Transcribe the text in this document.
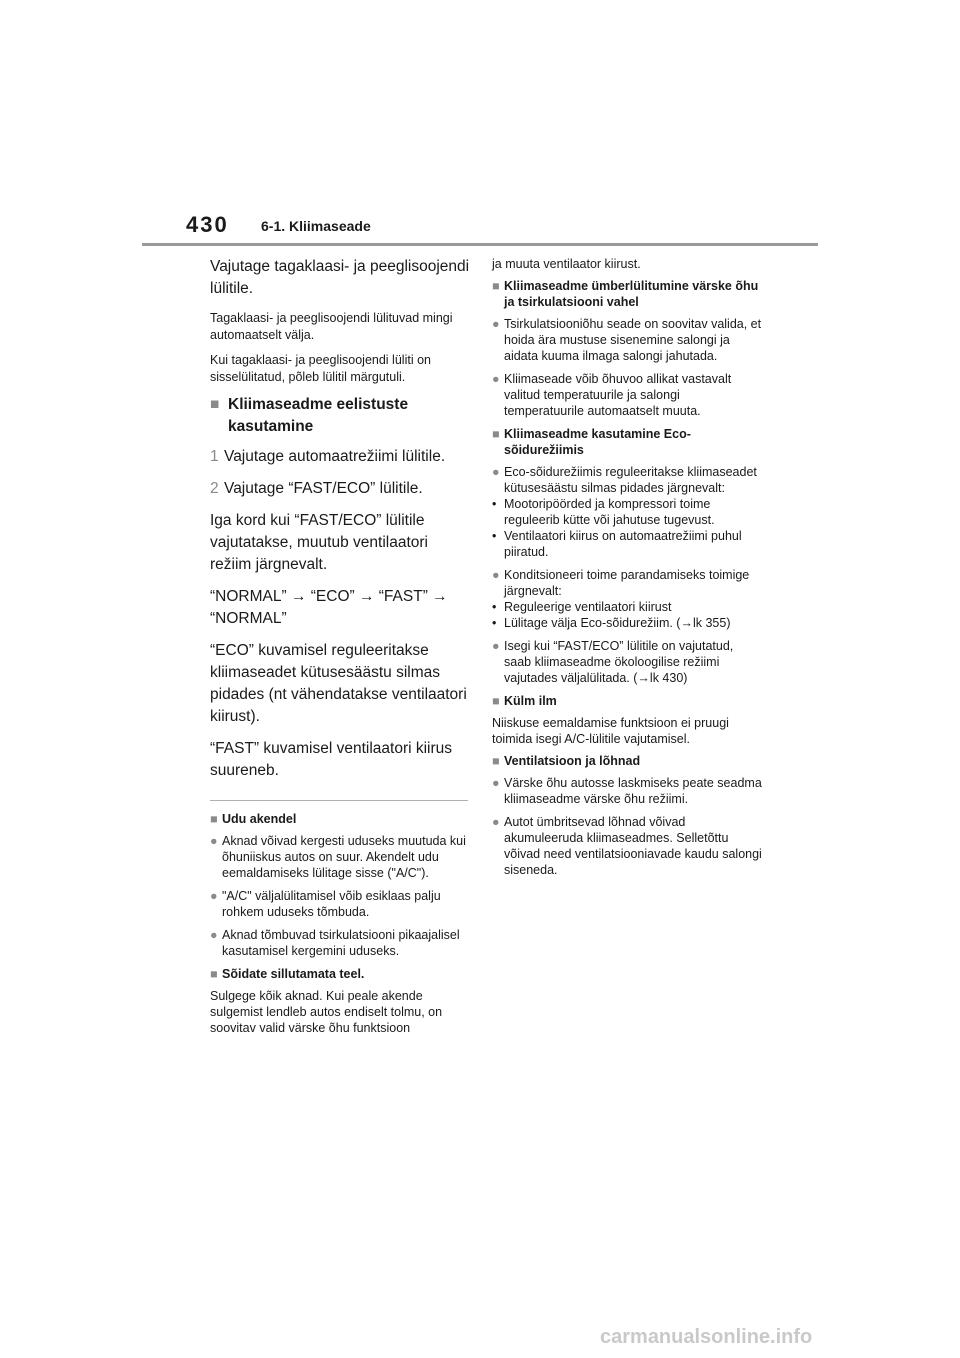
430 6-1. Kliimaseade

Vajutage tagaklaasi- ja peeglisoojendi lülitile.

Tagaklaasi- ja peeglisoojendi lülituvad mingi automaatselt välja.

Kui tagaklaasi- ja peeglisoojendi lüliti on sisselülitatud, põleb lülitil märgutuli.

■ Kliimaseadme eelistuste kasutamine
1 Vajutage automaatrežiimi lülitile.
2 Vajutage “FAST/ECO” lülitile.

Iga kord kui “FAST/ECO” lülitile vajutatakse, muutub ventilaatori režiim järgnevalt.

“NORMAL” → “ECO” → “FAST” → “NORMAL”

“ECO” kuvamisel reguleeritakse kliimaseadet kütusesäästu silmas pidades (nt vähendatakse ventilaatori kiirust).

“FAST” kuvamisel ventilaatori kiirus suureneb.

■ Udu akendel
● Aknad võivad kergesti uduseks muutuda kui õhuniiskus autos on suur. Akendelt udu eemaldamiseks lülitage sisse ("A/C").
● "A/C" väljalülitamisel võib esiklaas palju rohkem uduseks tõmbuda.
● Aknad tõmbuvad tsirkulatsiooni pikaajalisel kasutamisel kergemini uduseks.
■ Sõidate sillutamata teel.

Sulgege kõik aknad. Kui peale akende sulgemist lendleb autos endiselt tolmu, on soovitav valid värske õhu funktsioon

ja muuta ventilaator kiirust.

■ Kliimaseadme ümberlülitumine värske õhu ja tsirkulatsiooni vahel
● Tsirkulatsiooniõhu seade on soovitav valida, et hoida ära mustuse sisenemine salongi ja aidata kuuma ilmaga salongi jahutada.
● Kliimaseade võib õhuvoo allikat vastavalt valitud temperatuurile ja salongi temperatuurile automaatselt muuta.
■ Kliimaseadme kasutamine Eco-sõidurežiimis
● Eco-sõidurežiimis reguleeritakse kliimaseadet kütusesäästu silmas pidades järgnevalt:
• Mootoripöörded ja kompressori toime reguleerib kütte või jahutuse tugevust.
• Ventilaatori kiirus on automaatrežiimi puhul piiratud.
● Konditsioneeri toime parandamiseks toimige järgnevalt:
• Reguleerige ventilaatori kiirust
• Lülitage välja Eco-sõidurežiim. (→lk 355)
● Isegi kui “FAST/ECO” lülitile on vajutatud, saab kliimaseadme ökoloogilise režiimi vajutades väljalülitada. (→lk 430)
■ Külm ilm

Niiskuse eemaldamise funktsioon ei pruugi toimida isegi A/C-lülitile vajutamisel.

■ Ventilatsioon ja lõhnad
● Värske õhu autosse laskmiseks peate seadma kliimaseadme värske õhu režiimi.
● Autot ümbritsevad lõhnad võivad akumuleeruda kliimaseadmes. Selletõttu võivad need ventilatsiooniavade kaudu salongi siseneda.
carmanualsonline.info
